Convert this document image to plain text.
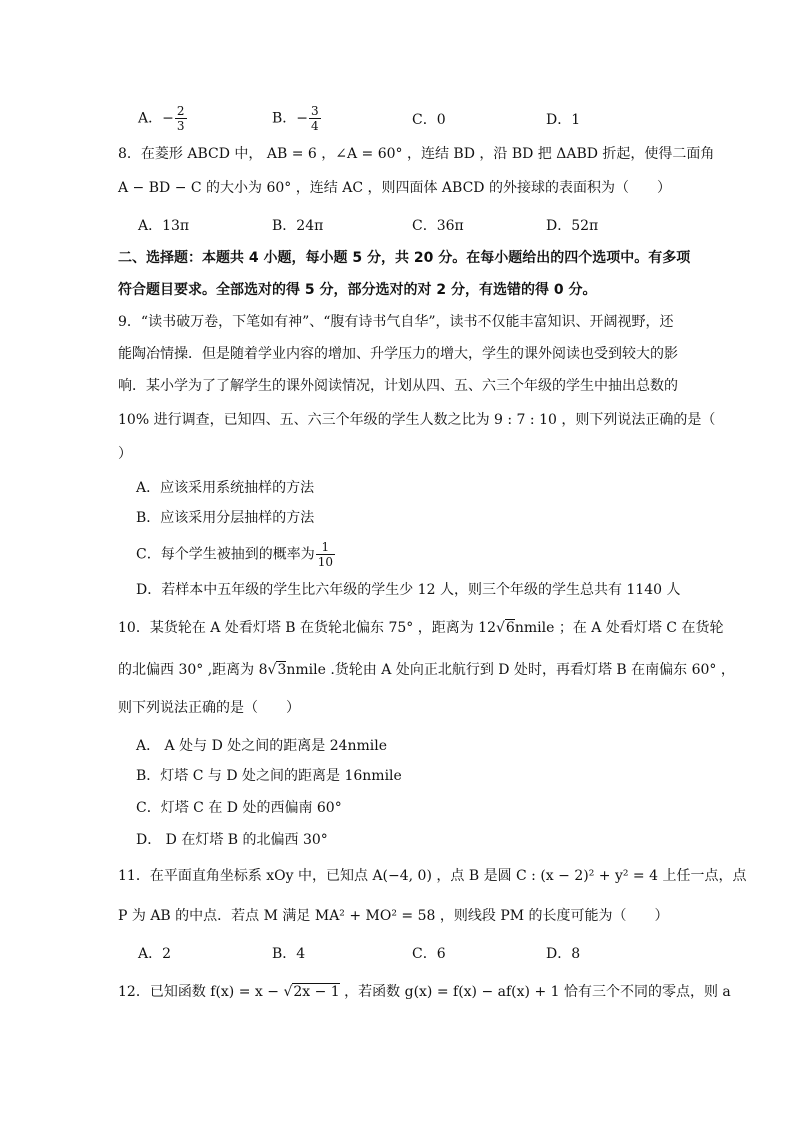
A．− $\frac{2}{3}$	B．− $\frac{3}{4}$	C．0	D．1
8．在菱形 ABCD 中， AB = 6 ，∠A = 60° ，连结 BD ，沿 BD 把 ΔABD 折起，使得二面角
A − BD − C 的大小为 60° ，连结 AC ，则四面体 ABCD 的外接球的表面积为（　　）
A．13π	B．24π	C．36π	D．52π
二、选择题：本题共 4 小题，每小题 5 分，共 20 分。在每小题给出的四个选项中。有多项
符合题目要求。全部选对的得 5 分，部分选对的对 2 分，有选错的得 0 分。
9．“读书破万卷，下笔如有神”、“腹有诗书气自华”，读书不仅能丰富知识、开阔视野，还
能陶冶情操．但是随着学业内容的增加、升学压力的增大，学生的课外阅读也受到较大的影
响．某小学为了了解学生的课外阅读情况，计划从四、五、六三个年级的学生中抽出总数的
10% 进行调查，已知四、五、六三个年级的学生人数之比为 9 : 7 : 10 ，则下列说法正确的是（
）
A．应该采用系统抽样的方法
B．应该采用分层抽样的方法
C．每个学生被抽到的概率为 $\frac{1}{10}$
D．若样本中五年级的学生比六年级的学生少 12 人，则三个年级的学生总共有 1140 人
10．某货轮在 A 处看灯塔 B 在货轮北偏东 75° ，距离为 12√6nmile ；在 A 处看灯塔 C 在货轮
的北偏西 30° ,距离为 8√3nmile .货轮由 A 处向正北航行到 D 处时，再看灯塔 B 在南偏东 60° ，
则下列说法正确的是（　　）
A． A 处与 D 处之间的距离是 24nmile
B．灯塔 C 与 D 处之间的距离是 16nmile
C．灯塔 C 在 D 处的西偏南 60°
D． D 在灯塔 B 的北偏西 30°
11．在平面直角坐标系 xOy 中，已知点 A(−4, 0) ，点 B 是圆 C : (x − 2)² + y² = 4 上任一点，点
P 为 AB 的中点．若点 M 满足 MA² + MO² = 58 ，则线段 PM 的长度可能为（　　）
A．2	B．4	C．6	D．8
12．已知函数 f(x) = x − √2x − 1 ，若函数 g(x) = f(x) − af(x) + 1 恰有三个不同的零点，则 a
